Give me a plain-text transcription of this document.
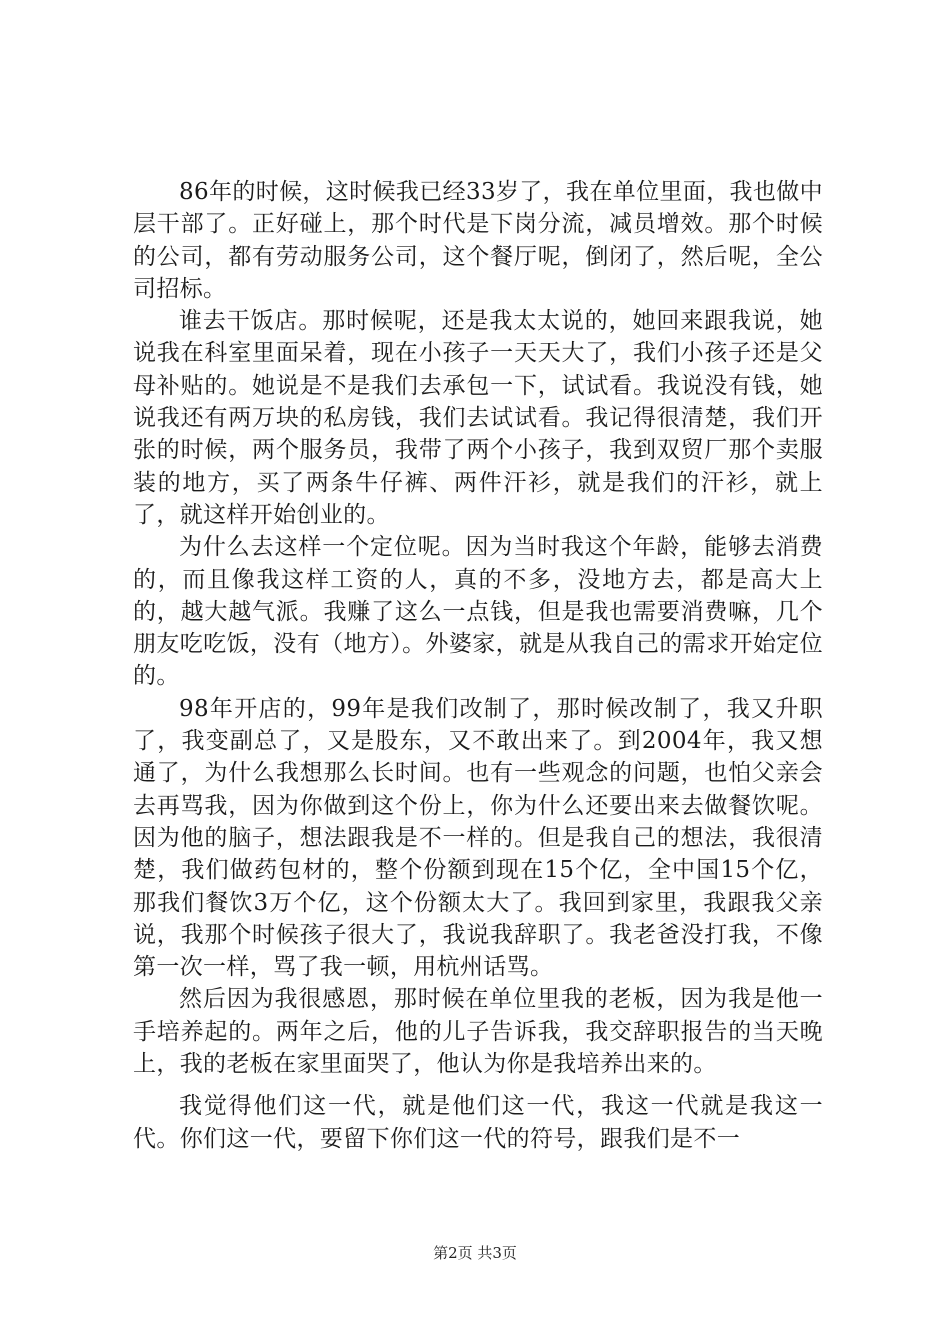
86年的时候，这时候我已经33岁了，我在单位里面，我也做中层干部了。正好碰上，那个时代是下岗分流，减员增效。那个时候的公司，都有劳动服务公司，这个餐厅呢，倒闭了，然后呢，全公司招标。

谁去干饭店。那时候呢，还是我太太说的，她回来跟我说，她说我在科室里面呆着，现在小孩子一天天大了，我们小孩子还是父母补贴的。她说是不是我们去承包一下，试试看。我说没有钱，她说我还有两万块的私房钱，我们去试试看。我记得很清楚，我们开张的时候，两个服务员，我带了两个小孩子，我到双贸厂那个卖服装的地方，买了两条牛仔裤、两件汗衫，就是我们的汗衫，就上了，就这样开始创业的。

为什么去这样一个定位呢。因为当时我这个年龄，能够去消费的，而且像我这样工资的人，真的不多，没地方去，都是高大上的，越大越气派。我赚了这么一点钱，但是我也需要消费嘛，几个朋友吃吃饭，没有（地方）。外婆家，就是从我自己的需求开始定位的。

98年开店的，99年是我们改制了，那时候改制了，我又升职了，我变副总了，又是股东，又不敢出来了。到2004年，我又想通了，为什么我想那么长时间。也有一些观念的问题，也怕父亲会去再骂我，因为你做到这个份上，你为什么还要出来去做餐饮呢。因为他的脑子，想法跟我是不一样的。但是我自己的想法，我很清楚，我们做药包材的，整个份额到现在15个亿，全中国15个亿，那我们餐饮3万个亿，这个份额太大了。我回到家里，我跟我父亲说，我那个时候孩子很大了，我说我辞职了。我老爸没打我，不像第一次一样，骂了我一顿，用杭州话骂。

然后因为我很感恩，那时候在单位里我的老板，因为我是他一手培养起的。两年之后，他的儿子告诉我，我交辞职报告的当天晚上，我的老板在家里面哭了，他认为你是我培养出来的。

我觉得他们这一代，就是他们这一代，我这一代就是我这一代。你们这一代，要留下你们这一代的符号，跟我们是不一

第2页 共3页
